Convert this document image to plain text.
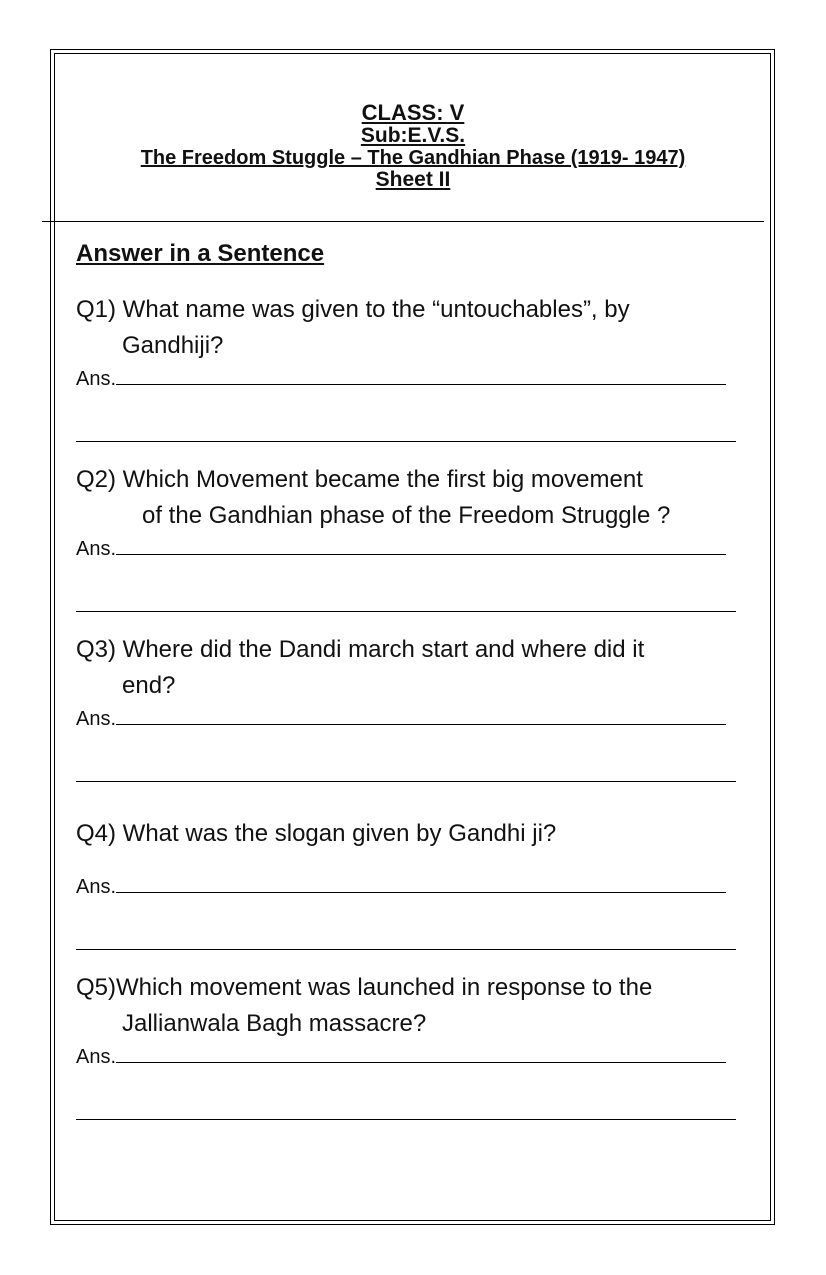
CLASS: V
Sub:E.V.S.
The Freedom Stuggle – The Gandhian Phase (1919- 1947)
Sheet II
Answer in a Sentence
Q1) What name was given to the “untouchables”, by
Gandhiji?
Ans.
Q2) Which Movement became the first big movement
of the Gandhian phase of the Freedom Struggle ?
Ans.
Q3) Where did the Dandi march start and where did it
end?
Ans.
Q4) What was the slogan given by Gandhi ji?
Ans.
Q5)Which movement was launched in response to the
Jallianwala Bagh massacre?
Ans.
